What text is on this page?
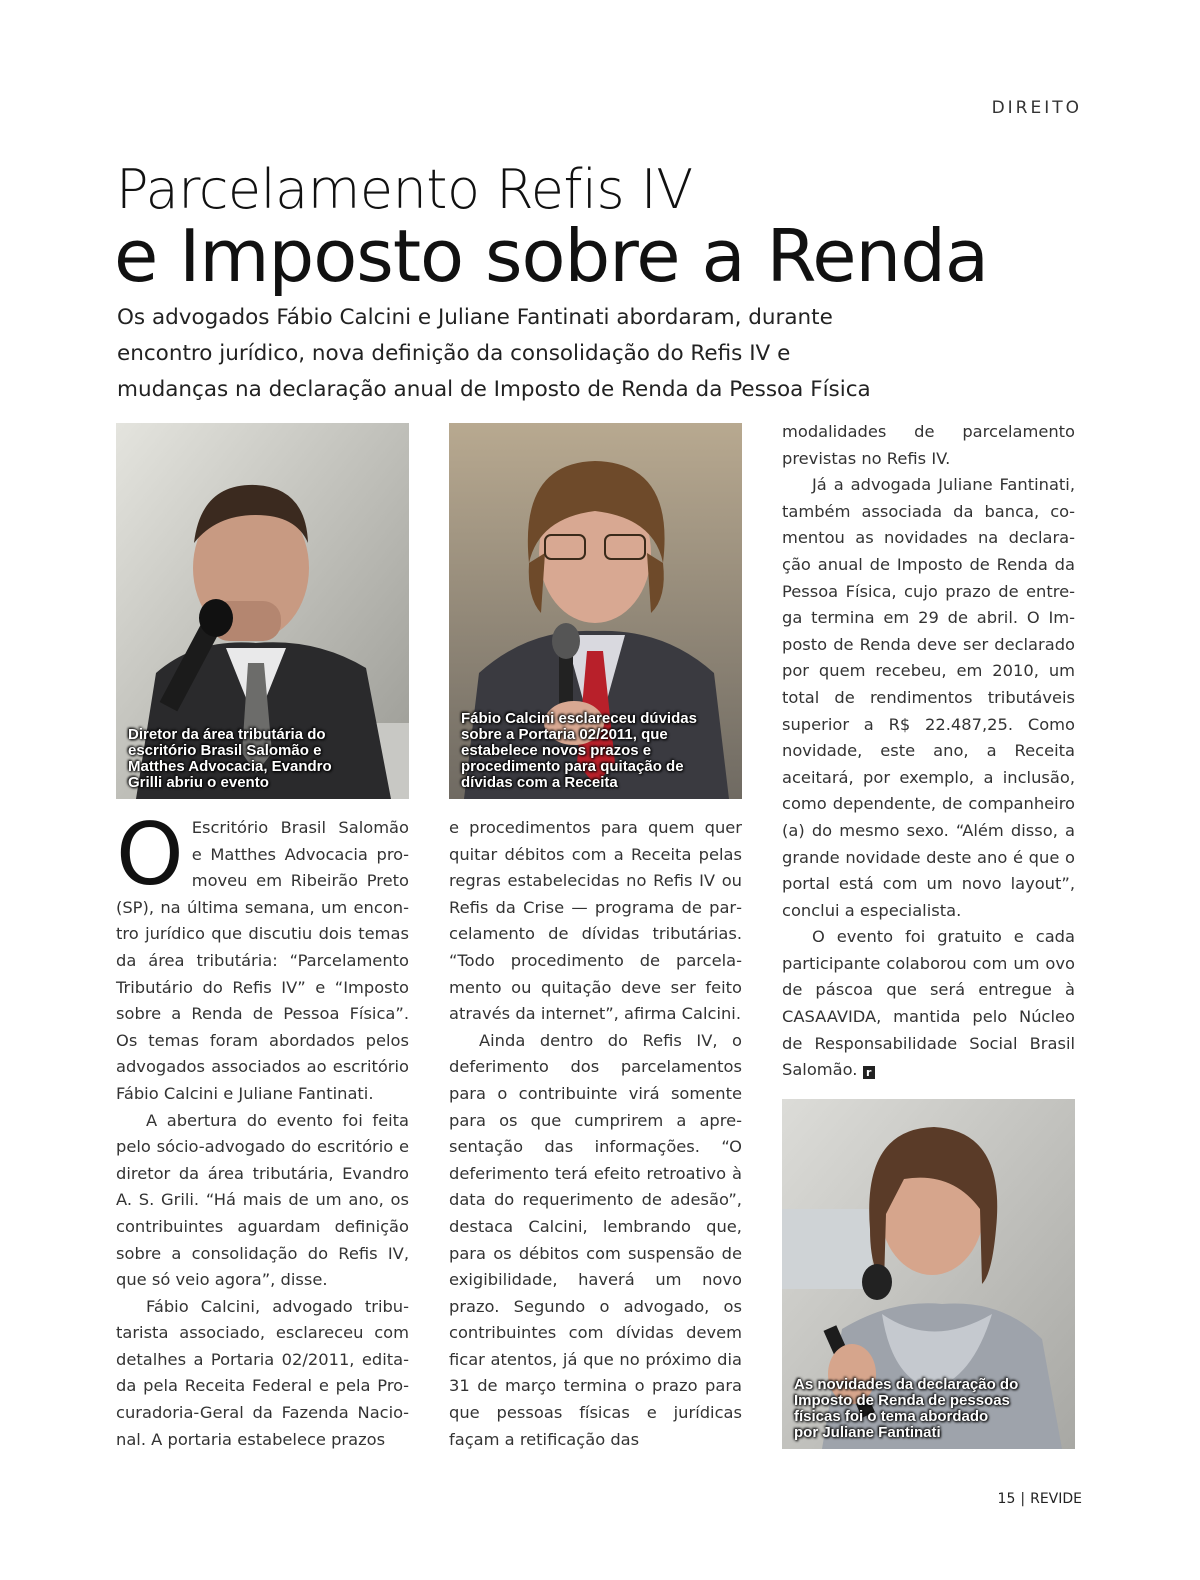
DIREITO
Parcelamento Refis IV
e Imposto sobre a Renda
Os advogados Fábio Calcini e Juliane Fantinati abordaram, durante
encontro jurídico, nova definição da consolidação do Refis IV e
mudanças na declaração anual de Imposto de Renda da Pessoa Física
Diretor da área tributária do
escritório Brasil Salomão e
Matthes Advocacia, Evandro
Grilli abriu o evento
Fábio Calcini esclareceu dúvidas
sobre a Portaria 02/2011, que
estabelece novos prazos e
procedimento para quitação de
dívidas com a Receita
O Escritório Brasil Salomão e Matthes Advocacia promoveu em Ribeirão Preto (SP), na última semana, um encontro jurídico que discutiu dois temas da área tributária: “Parcelamento Tributário do Refis IV” e “Imposto sobre a Renda de Pessoa Física”. Os temas foram abordados pelos advogados associados ao escritório Fábio Calcini e Juliane Fantinati.

A abertura do evento foi feita pelo sócio-advogado do escritório e diretor da área tributária, Evandro A. S. Grili. “Há mais de um ano, os contribuintes aguardam definição sobre a consolidação do Refis IV, que só veio agora”, disse.

Fábio Calcini, advogado tributarista associado, esclareceu com detalhes a Portaria 02/2011, editada pela Receita Federal e pela Procuradoria-Geral da Fazenda Nacional. A portaria estabelece prazos

e procedimentos para quem quer quitar débitos com a Receita pelas regras estabelecidas no Refis IV ou Refis da Crise — programa de parcelamento de dívidas tributárias. “Todo procedimento de parcelamento ou quitação deve ser feito através da internet”, afirma Calcini.

Ainda dentro do Refis IV, o deferimento dos parcelamentos para o contribuinte virá somente para os que cumprirem a apresentação das informações. “O deferimento terá efeito retroativo à data do requerimento de adesão”, destaca Calcini, lembrando que, para os débitos com suspensão de exigibilidade, haverá um novo prazo. Segundo o advogado, os contribuintes com dívidas devem ficar atentos, já que no próximo dia 31 de março termina o prazo para que pessoas físicas e jurídicas façam a retificação das

modalidades de parcelamento previstas no Refis IV.

Já a advogada Juliane Fantinati, também associada da banca, comentou as novidades na declaração anual de Imposto de Renda da Pessoa Física, cujo prazo de entrega termina em 29 de abril. O Imposto de Renda deve ser declarado por quem recebeu, em 2010, um total de rendimentos tributáveis superior a R$ 22.487,25. Como novidade, este ano, a Receita aceitará, por exemplo, a inclusão, como dependente, de companheiro (a) do mesmo sexo. “Além disso, a grande novidade deste ano é que o portal está com um novo layout”, conclui a especialista.

O evento foi gratuito e cada participante colaborou com um ovo de páscoa que será entregue à CASAAVIDA, mantida pelo Núcleo de Responsabilidade Social Brasil Salomão. r

As novidades da declaração do
Imposto de Renda de pessoas
físicas foi o tema abordado
por Juliane Fantinati
15 | REVIDE
